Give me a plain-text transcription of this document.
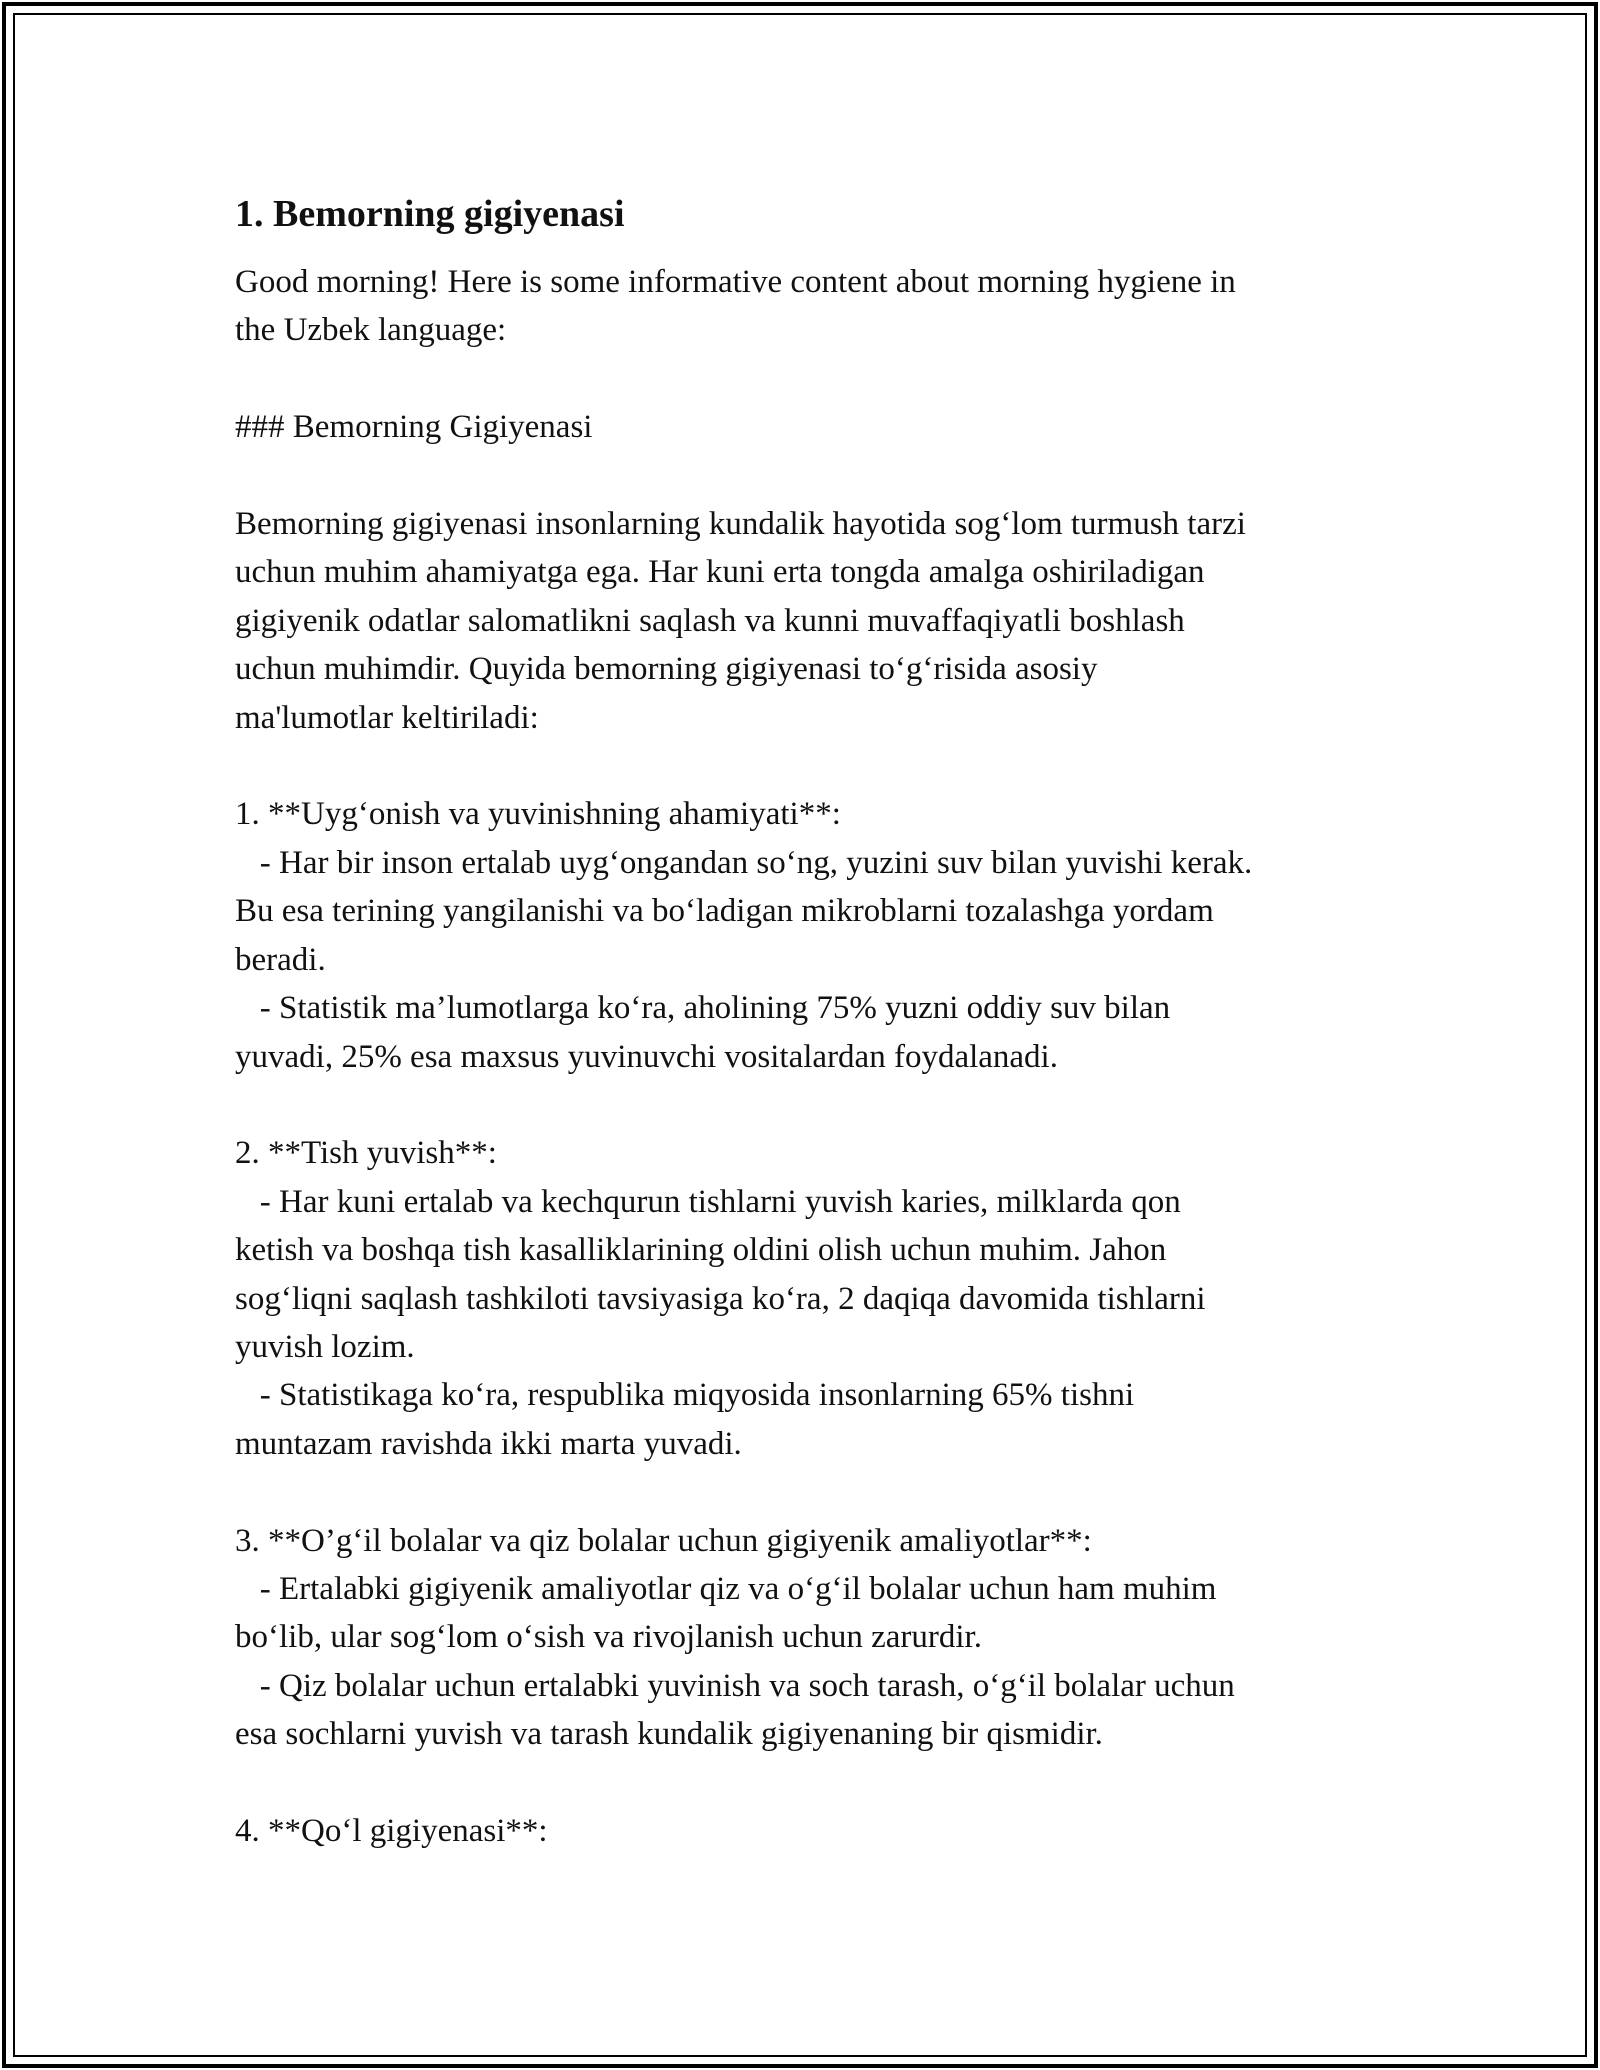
1. Bemorning gigiyenasi

Good morning! Here is some informative content about morning hygiene in
the Uzbek language:

### Bemorning Gigiyenasi

Bemorning gigiyenasi insonlarning kundalik hayotida sog‘lom turmush tarzi
uchun muhim ahamiyatga ega. Har kuni erta tongda amalga oshiriladigan
gigiyenik odatlar salomatlikni saqlash va kunni muvaffaqiyatli boshlash
uchun muhimdir. Quyida bemorning gigiyenasi to‘g‘risida asosiy
ma'lumotlar keltiriladi:

1. **Uyg‘onish va yuvinishning ahamiyati**:
- Har bir inson ertalab uyg‘ongandan so‘ng, yuzini suv bilan yuvishi kerak.
Bu esa terining yangilanishi va bo‘ladigan mikroblarni tozalashga yordam
beradi.
- Statistik ma’lumotlarga ko‘ra, aholining 75% yuzni oddiy suv bilan
yuvadi, 25% esa maxsus yuvinuvchi vositalardan foydalanadi.

2. **Tish yuvish**:
- Har kuni ertalab va kechqurun tishlarni yuvish karies, milklarda qon
ketish va boshqa tish kasalliklarining oldini olish uchun muhim. Jahon
sog‘liqni saqlash tashkiloti tavsiyasiga ko‘ra, 2 daqiqa davomida tishlarni
yuvish lozim.
- Statistikaga ko‘ra, respublika miqyosida insonlarning 65% tishni
muntazam ravishda ikki marta yuvadi.

3. **O’g‘il bolalar va qiz bolalar uchun gigiyenik amaliyotlar**:
- Ertalabki gigiyenik amaliyotlar qiz va o‘g‘il bolalar uchun ham muhim
bo‘lib, ular sog‘lom o‘sish va rivojlanish uchun zarurdir.
- Qiz bolalar uchun ertalabki yuvinish va soch tarash, o‘g‘il bolalar uchun
esa sochlarni yuvish va tarash kundalik gigiyenaning bir qismidir.

4. **Qo‘l gigiyenasi**:
